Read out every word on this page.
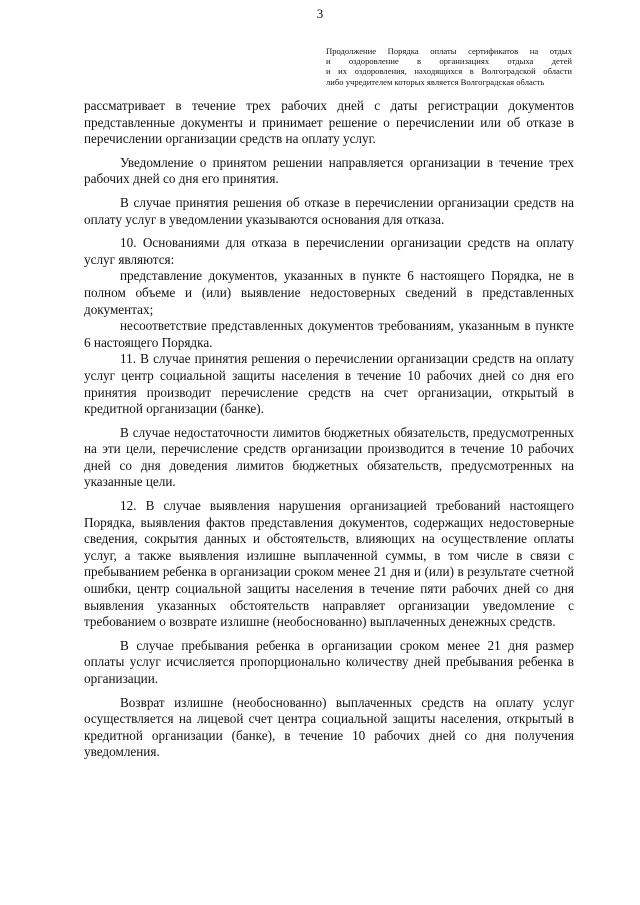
3
Продолжение Порядка оплаты сертификатов на отдых
и оздоровление в организациях отдыха детей
и их оздоровления, находящихся в Волгоградской области
либо учредителем которых является Волгоградская область

рассматривает в течение трех рабочих дней с даты регистрации документов представленные документы и принимает решение о перечислении или об отказе в перечислении организации средств на оплату услуг.

Уведомление о принятом решении направляется организации в течение трех рабочих дней со дня его принятия.

В случае принятия решения об отказе в перечислении организации средств на оплату услуг в уведомлении указываются основания для отказа.

10. Основаниями для отказа в перечислении организации средств на оплату услуг являются:

представление документов, указанных в пункте 6 настоящего Порядка, не в полном объеме и (или) выявление недостоверных сведений в представленных документах;

несоответствие представленных документов требованиям, указанным в пункте 6 настоящего Порядка.

11. В случае принятия решения о перечислении организации средств на оплату услуг центр социальной защиты населения в течение 10 рабочих дней со дня его принятия производит перечисление средств на счет организации, открытый в кредитной организации (банке).

В случае недостаточности лимитов бюджетных обязательств, предусмотренных на эти цели, перечисление средств организации производится в течение 10 рабочих дней со дня доведения лимитов бюджетных обязательств, предусмотренных на указанные цели.

12. В случае выявления нарушения организацией требований настоящего Порядка, выявления фактов представления документов, содержащих недостоверные сведения, сокрытия данных и обстоятельств, влияющих на осуществление оплаты услуг, а также выявления излишне выплаченной суммы, в том числе в связи с пребыванием ребенка в организации сроком менее 21 дня и (или) в результате счетной ошибки, центр социальной защиты населения в течение пяти рабочих дней со дня выявления указанных обстоятельств направляет организации уведомление с требованием о возврате излишне (необоснованно) выплаченных денежных средств.

В случае пребывания ребенка в организации сроком менее 21 дня размер оплаты услуг исчисляется пропорционально количеству дней пребывания ребенка в организации.

Возврат излишне (необоснованно) выплаченных средств на оплату услуг осуществляется на лицевой счет центра социальной защиты населения, открытый в кредитной организации (банке), в течение 10 рабочих дней со дня получения уведомления.
